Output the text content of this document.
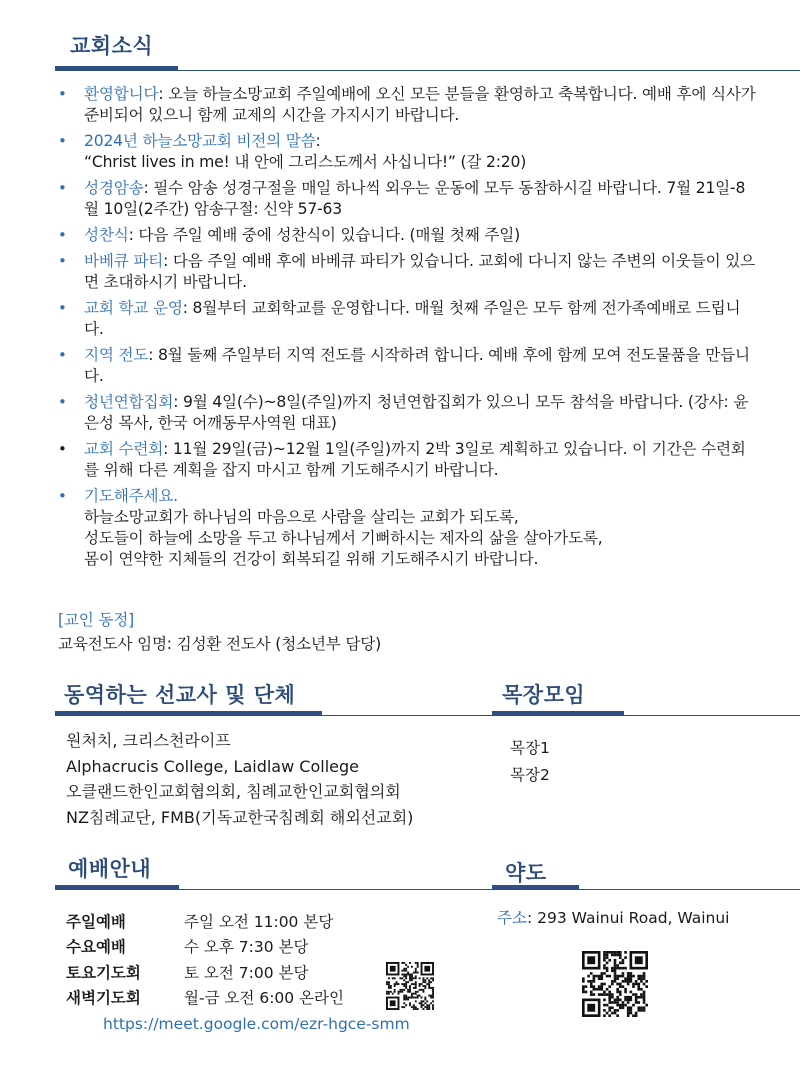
교회소식
• 환영합니다: 오늘 하늘소망교회 주일예배에 오신 모든 분들을 환영하고 축복합니다. 예배 후에 식사가 준비되어 있으니 함께 교제의 시간을 가지시기 바랍니다.
• 2024년 하늘소망교회 비전의 말씀:
“Christ lives in me! 내 안에 그리스도께서 사십니다!” (갈 2:20)
• 성경암송: 필수 암송 성경구절을 매일 하나씩 외우는 운동에 모두 동참하시길 바랍니다. 7월 21일-8월 10일(2주간) 암송구절: 신약 57-63
• 성찬식: 다음 주일 예배 중에 성찬식이 있습니다. (매월 첫째 주일)
• 바베큐 파티: 다음 주일 예배 후에 바베큐 파티가 있습니다. 교회에 다니지 않는 주변의 이웃들이 있으면 초대하시기 바랍니다.
• 교회 학교 운영: 8월부터 교회학교를 운영합니다. 매월 첫째 주일은 모두 함께 전가족예배로 드립니다.
• 지역 전도: 8월 둘째 주일부터 지역 전도를 시작하려 합니다. 예배 후에 함께 모여 전도물품을 만듭니다.
• 청년연합집회: 9월 4일(수)~8일(주일)까지 청년연합집회가 있으니 모두 참석을 바랍니다. (강사: 윤은성 목사, 한국 어깨동무사역원 대표)
• 교회 수련회: 11월 29일(금)~12월 1일(주일)까지 2박 3일로 계획하고 있습니다. 이 기간은 수련회를 위해 다른 계획을 잡지 마시고 함께 기도해주시기 바랍니다.
• 기도해주세요.
하늘소망교회가 하나님의 마음으로 사람을 살리는 교회가 되도록,
성도들이 하늘에 소망을 두고 하나님께서 기뻐하시는 제자의 삶을 살아가도록,
몸이 연약한 지체들의 건강이 회복되길 위해 기도해주시기 바랍니다.
[교인 동정]
교육전도사 임명: 김성환 전도사 (청소년부 담당)
동역하는 선교사 및 단체
원처치, 크리스천라이프
Alphacrucis College, Laidlaw College
오클랜드한인교회협의회, 침례교한인교회협의회
NZ침례교단, FMB(기독교한국침례회 해외선교회)
목장모임
목장1
목장2
예배안내
주일예배	주일 오전 11:00 본당
수요예배	수 오후 7:30 본당
토요기도회	토 오전 7:00 본당
새벽기도회	월-금 오전 6:00 온라인
https://meet.google.com/ezr-hgce-smm
약도
주소: 293 Wainui Road, Wainui
